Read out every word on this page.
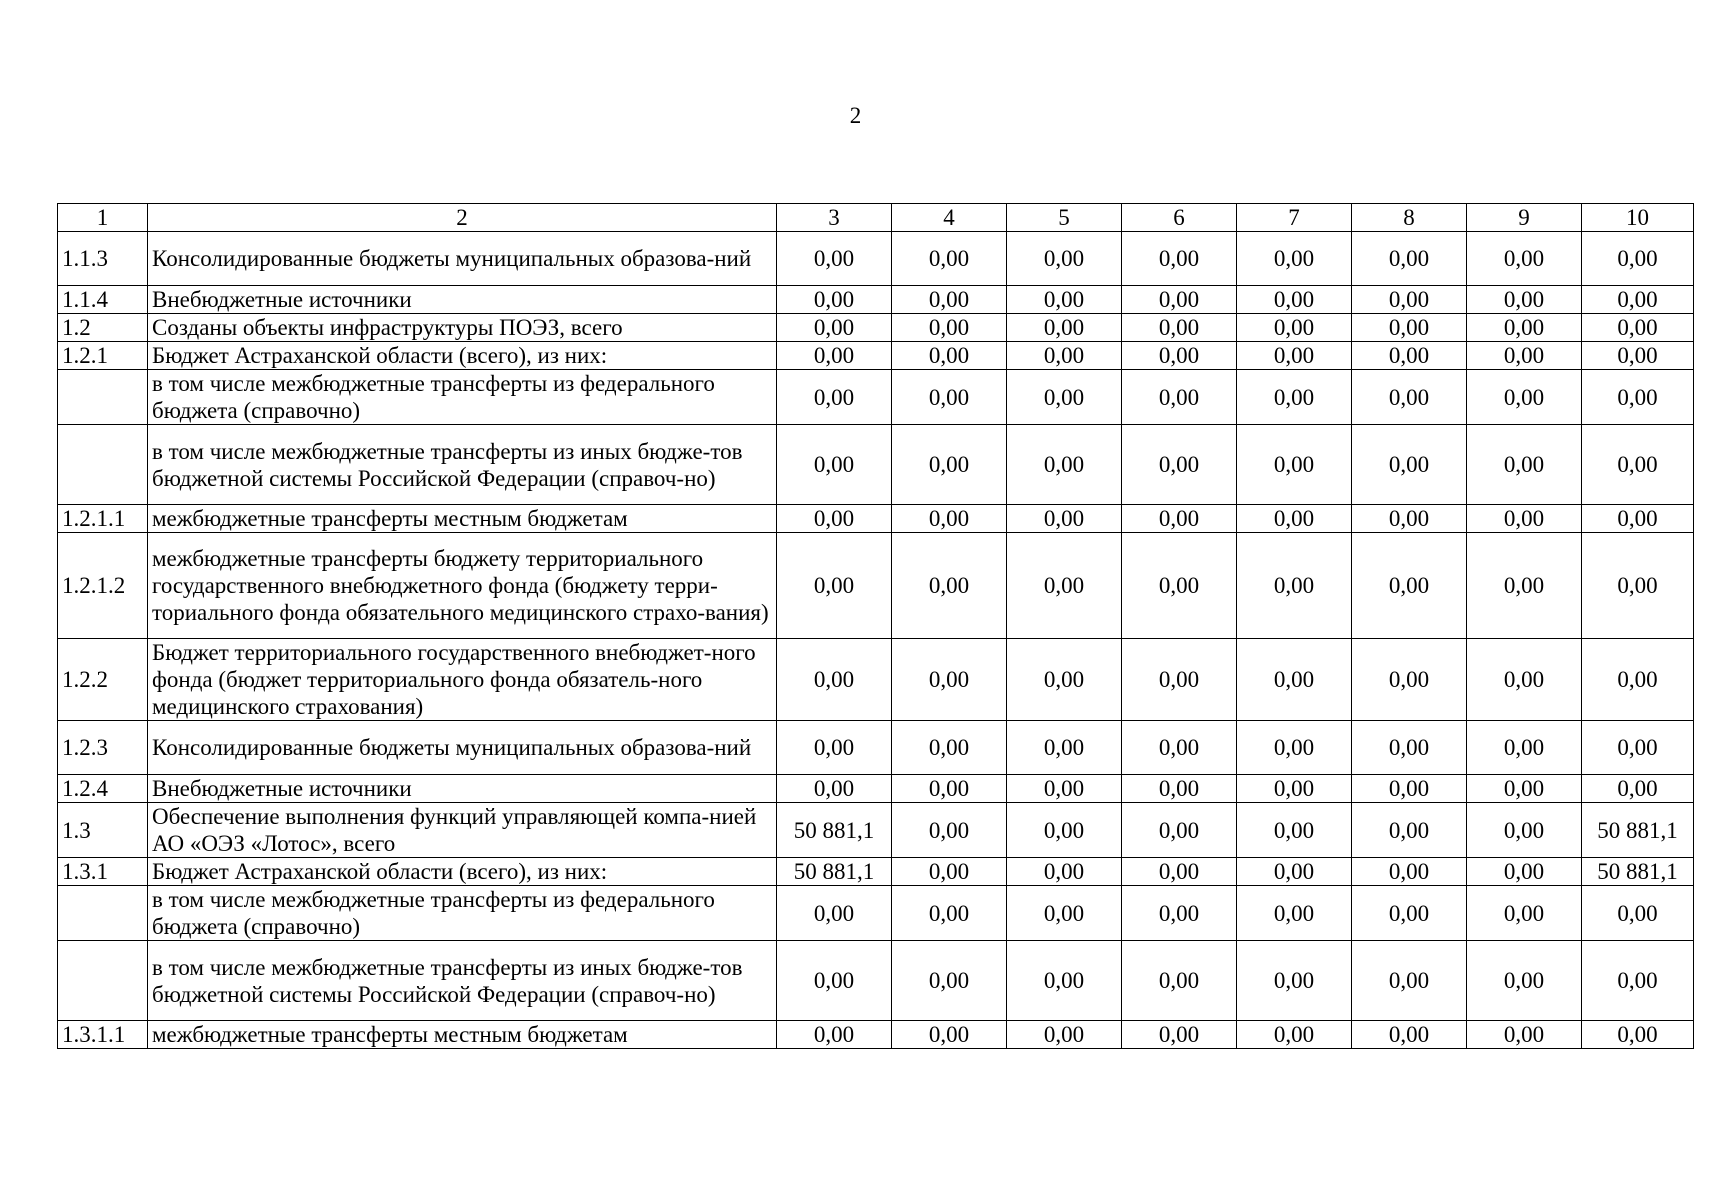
2
1	2	3	4	5	6	7	8	9	10
1.1.3	Консолидированные бюджеты муниципальных образова-ний	0,00	0,00	0,00	0,00	0,00	0,00	0,00	0,00
1.1.4	Внебюджетные источники	0,00	0,00	0,00	0,00	0,00	0,00	0,00	0,00
1.2	Созданы объекты инфраструктуры ПОЭЗ, всего	0,00	0,00	0,00	0,00	0,00	0,00	0,00	0,00
1.2.1	Бюджет Астраханской области (всего), из них:	0,00	0,00	0,00	0,00	0,00	0,00	0,00	0,00
	в том числе межбюджетные трансферты из федерального бюджета (справочно)	0,00	0,00	0,00	0,00	0,00	0,00	0,00	0,00
	в том числе межбюджетные трансферты из иных бюдже-тов бюджетной системы Российской Федерации (справоч-но)	0,00	0,00	0,00	0,00	0,00	0,00	0,00	0,00
1.2.1.1	межбюджетные трансферты местным бюджетам	0,00	0,00	0,00	0,00	0,00	0,00	0,00	0,00
1.2.1.2	межбюджетные трансферты бюджету территориального государственного внебюджетного фонда (бюджету терри-ториального фонда обязательного медицинского страхо-вания)	0,00	0,00	0,00	0,00	0,00	0,00	0,00	0,00
1.2.2	Бюджет территориального государственного внебюджет-ного фонда (бюджет территориального фонда обязатель-ного медицинского страхования)	0,00	0,00	0,00	0,00	0,00	0,00	0,00	0,00
1.2.3	Консолидированные бюджеты муниципальных образова-ний	0,00	0,00	0,00	0,00	0,00	0,00	0,00	0,00
1.2.4	Внебюджетные источники	0,00	0,00	0,00	0,00	0,00	0,00	0,00	0,00
1.3	Обеспечение выполнения функций управляющей компа-нией АО «ОЭЗ «Лотос», всего	50 881,1	0,00	0,00	0,00	0,00	0,00	0,00	50 881,1
1.3.1	Бюджет Астраханской области (всего), из них:	50 881,1	0,00	0,00	0,00	0,00	0,00	0,00	50 881,1
	в том числе межбюджетные трансферты из федерального бюджета (справочно)	0,00	0,00	0,00	0,00	0,00	0,00	0,00	0,00
	в том числе межбюджетные трансферты из иных бюдже-тов бюджетной системы Российской Федерации (справоч-но)	0,00	0,00	0,00	0,00	0,00	0,00	0,00	0,00
1.3.1.1	межбюджетные трансферты местным бюджетам	0,00	0,00	0,00	0,00	0,00	0,00	0,00	0,00
